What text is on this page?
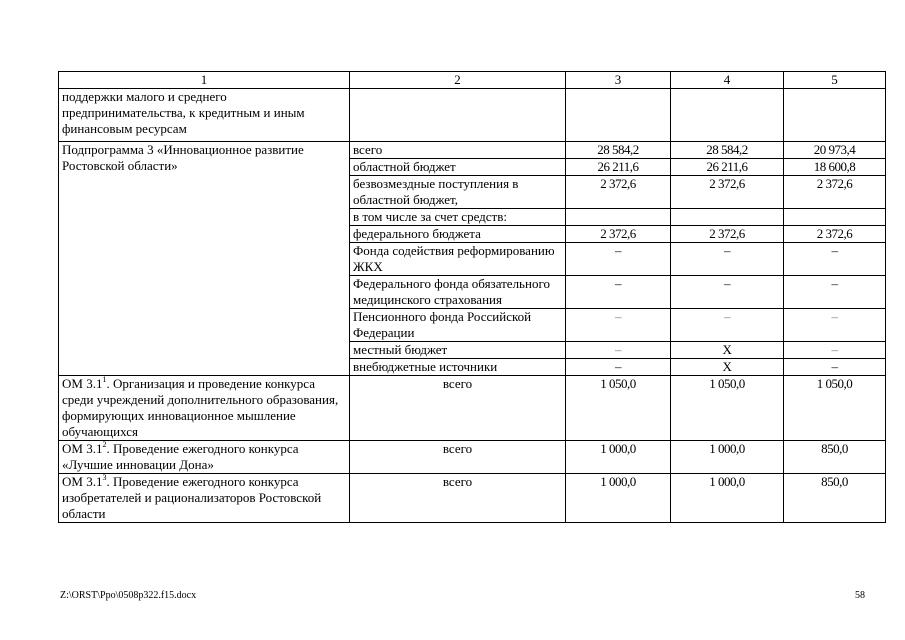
1	2	3	4	5
поддержки малого и среднего предпринимательства, к кредитным и иным финансовым ресурсам				
Подпрограмма 3 «Инновационное развитие Ростовской области»	всего	28 584,2	28 584,2	20 973,4
	областной бюджет	26 211,6	26 211,6	18 600,8
	безвозмездные поступления в областной бюджет,	2 372,6	2 372,6	2 372,6
	в том числе за счет средств:			
	федерального бюджета	2 372,6	2 372,6	2 372,6
	Фонда содействия реформированию ЖКХ	–	–	–
	Федерального фонда обязательного медицинского страхования	–	–	–
	Пенсионного фонда Российской Федерации	–	–	–
	местный бюджет	–	Х	–
	внебюджетные источники	–	Х	–
ОМ $3.1^1$. Организация и проведение конкурса среди учреждений дополнительного образования, формирующих инновационное мышление обучающихся	всего	1 050,0	1 050,0	1 050,0
ОМ $3.1^2$. Проведение ежегодного конкурса «Лучшие инновации Дона»	всего	1 000,0	1 000,0	850,0
ОМ $3.1^3$. Проведение ежегодного конкурса изобретателей и рационализаторов Ростовской области	всего	1 000,0	1 000,0	850,0
Z:\ORST\Ppo\0508p322.f15.docx	58
